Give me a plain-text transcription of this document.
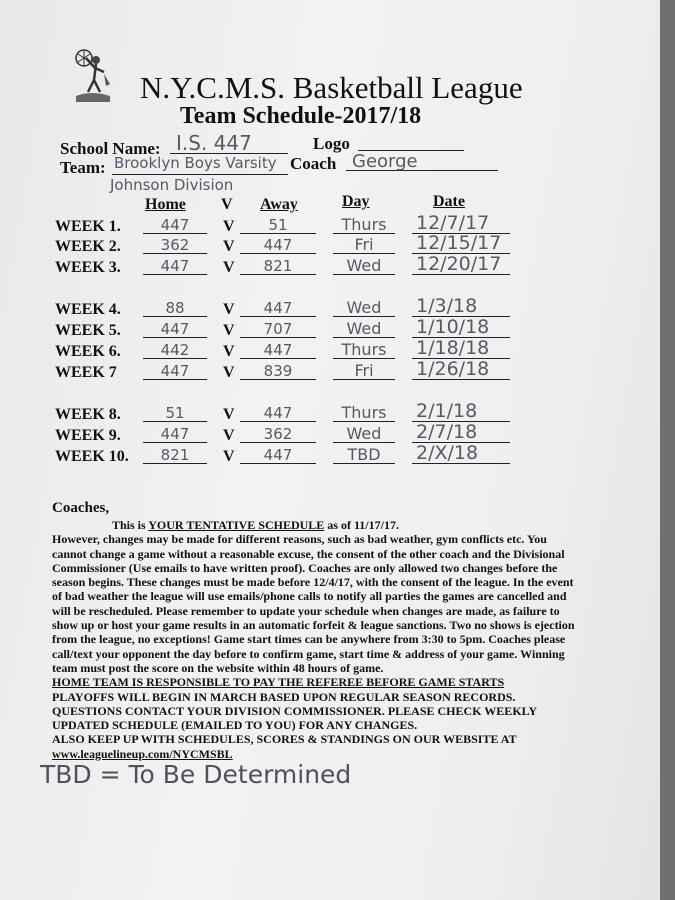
N.Y.C.M.S. Basketball League
Team Schedule-2017/18
School Name: I.S. 447	Logo
Team: Brooklyn Boys Varsity Coach George
Johnson Division
Home V Away	Day	Date
WEEK 1.	447	V	51	Thurs	12/7/17
WEEK 2.	362	V	447	Fri	12/15/17
WEEK 3.	447	V	821	Wed	12/20/17
WEEK 4.	88	V	447	Wed	1/3/18
WEEK 5.	447	V	707	Wed	1/10/18
WEEK 6.	442	V	447	Thurs	1/18/18
WEEK 7	447	V	839	Fri	1/26/18
WEEK 8.	51	V	447	Thurs	2/1/18
WEEK 9.	447	V	362	Wed	2/7/18
WEEK 10.	821	V	447	TBD	2/X/18
Coaches,
This is YOUR TENTATIVE SCHEDULE as of 11/17/17.
However, changes may be made for different reasons, such as bad weather, gym conflicts etc. You cannot change a game without a reasonable excuse, the consent of the other coach and the Divisional Commissioner (Use emails to have written proof). Coaches are only allowed two changes before the season begins. These changes must be made before 12/4/17, with the consent of the league. In the event of bad weather the league will use emails/phone calls to notify all parties the games are cancelled and will be rescheduled. Please remember to update your schedule when changes are made, as failure to show up or host your game results in an automatic forfeit & league sanctions. Two no shows is ejection from the league, no exceptions! Game start times can be anywhere from 3:30 to 5pm. Coaches please call/text your opponent the day before to confirm game, start time & address of your game. Winning team must post the score on the website within 48 hours of game.
HOME TEAM IS RESPONSIBLE TO PAY THE REFEREE BEFORE GAME STARTS
PLAYOFFS WILL BEGIN IN MARCH BASED UPON REGULAR SEASON RECORDS.
QUESTIONS CONTACT YOUR DIVISION COMMISSIONER. PLEASE CHECK WEEKLY UPDATED SCHEDULE (EMAILED TO YOU) FOR ANY CHANGES.
ALSO KEEP UP WITH SCHEDULES, SCORES & STANDINGS ON OUR WEBSITE AT
www.leaguelineup.com/NYCMSBL
TBD = To Be Determined
